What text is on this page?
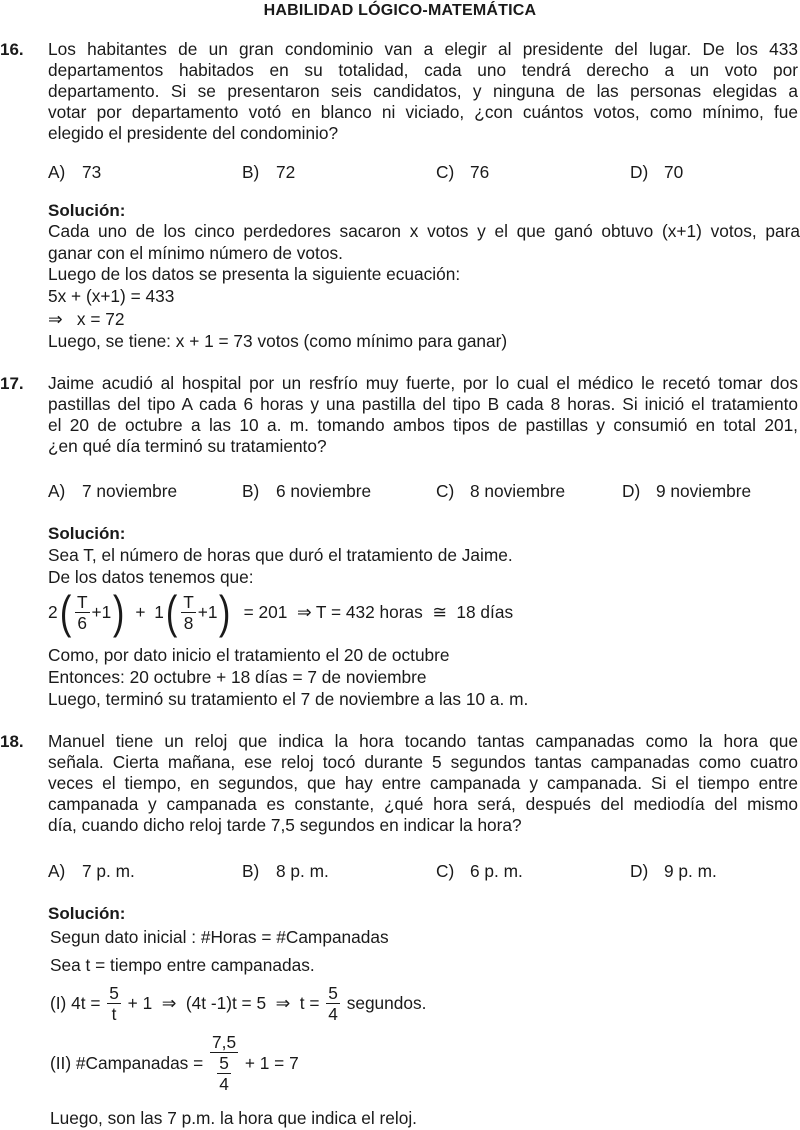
HABILIDAD LÓGICO-MATEMÁTICA
16. Los habitantes de un gran condominio van a elegir al presidente del lugar. De los 433
departamentos habitados en su totalidad, cada uno tendrá derecho a un voto por
departamento. Si se presentaron seis candidatos, y ninguna de las personas elegidas a
votar por departamento votó en blanco ni viciado, ¿con cuántos votos, como mínimo, fue
elegido el presidente del condominio?
A) 73	B) 72	C) 76	D) 70
Solución:
Cada uno de los cinco perdedores sacaron x votos y el que ganó obtuvo (x+1) votos, para
ganar con el mínimo número de votos.
Luego de los datos se presenta la siguiente ecuación:
5x + (x+1) = 433
⇒   x = 72
Luego, se tiene: x + 1 = 73 votos (como mínimo para ganar)
17. Jaime acudió al hospital por un resfrío muy fuerte, por lo cual el médico le recetó tomar dos
pastillas del tipo A cada 6 horas y una pastilla del tipo B cada 8 horas. Si inició el tratamiento
el 20 de octubre a las 10 a. m. tomando ambos tipos de pastillas y consumió en total 201,
¿en qué día terminó su tratamiento?
A) 7 noviembre	B) 6 noviembre	C) 8 noviembre	D) 9 noviembre
Solución:
Sea T, el número de horas que duró el tratamiento de Jaime.
De los datos tenemos que:
$2( \frac{T}{6} +1) + 1( \frac{T}{8} +1) = 201$  ⇒ T = 432 horas  ≅  18 días
Como, por dato inicio el tratamiento el 20 de octubre
Entonces: 20 octubre + 18 días = 7 de noviembre
Luego, terminó su tratamiento el 7 de noviembre a las 10 a. m.
18. Manuel tiene un reloj que indica la hora tocando tantas campanadas como la hora que
señala. Cierta mañana, ese reloj tocó durante 5 segundos tantas campanadas como cuatro
veces el tiempo, en segundos, que hay entre campanada y campanada. Si el tiempo entre
campanada y campanada es constante, ¿qué hora será, después del mediodía del mismo
día, cuando dicho reloj tarde 7,5 segundos en indicar la hora?
A) 7 p. m.	B) 8 p. m.	C) 6 p. m.	D) 9 p. m.
Solución:
Segun dato inicial : #Horas = #Campanadas
Sea t = tiempo entre campanadas.
(I) $4t = \frac{5}{t} + 1$  ⇒  (4t -1)t = 5  ⇒  $t = \frac{5}{4}$ segundos.
(II) #Campanadas = 7,5
5
4 + 1 = 7
Luego, son las 7 p.m. la hora que indica el reloj.
